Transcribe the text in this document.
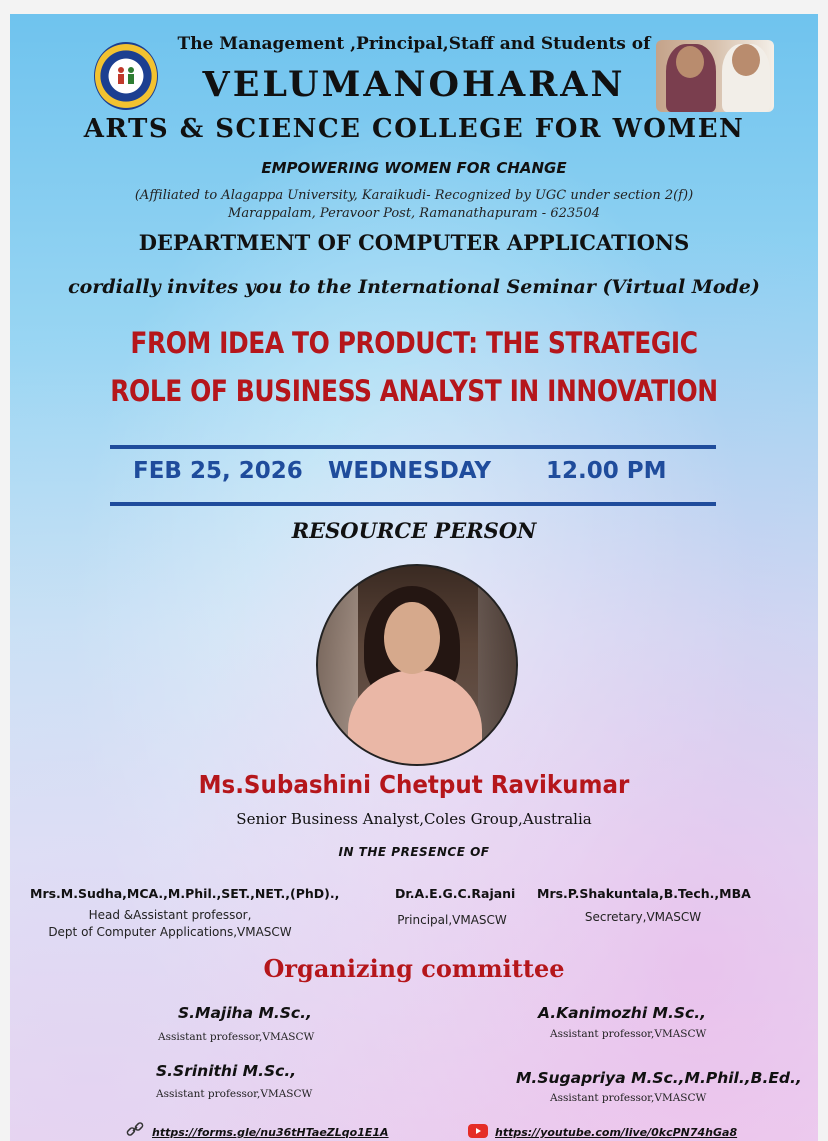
The Management ,Principal,Staff and Students of
VELUMANOHARAN
ARTS & SCIENCE COLLEGE FOR WOMEN
EMPOWERING WOMEN FOR CHANGE
(Affiliated to Alagappa University, Karaikudi- Recognized by UGC under section 2(f))
Marappalam, Peravoor Post, Ramanathapuram - 623504
DEPARTMENT OF COMPUTER APPLICATIONS
cordially invites you to the International Seminar (Virtual Mode)
FROM IDEA TO PRODUCT: THE STRATEGIC
ROLE OF BUSINESS ANALYST IN INNOVATION
FEB 25, 2026 WEDNESDAY 12.00 PM
RESOURCE PERSON
Ms.Subashini Chetput Ravikumar
Senior Business Analyst,Coles Group,Australia
IN THE PRESENCE OF
Mrs.M.Sudha,MCA.,M.Phil.,SET.,NET.,(PhD).,
Head &Assistant professor,
Dept of Computer Applications,VMASCW
Dr.A.E.G.C.Rajani
Principal,VMASCW
Mrs.P.Shakuntala,B.Tech.,MBA
Secretary,VMASCW
Organizing committee
S.Majiha M.Sc.,
Assistant professor,VMASCW
A.Kanimozhi M.Sc.,
Assistant professor,VMASCW
S.Srinithi M.Sc.,
Assistant professor,VMASCW
M.Sugapriya M.Sc.,M.Phil.,B.Ed.,
Assistant professor,VMASCW
https://forms.gle/nu36tHTaeZLqo1E1A	https://youtube.com/live/0kcPN74hGa8
